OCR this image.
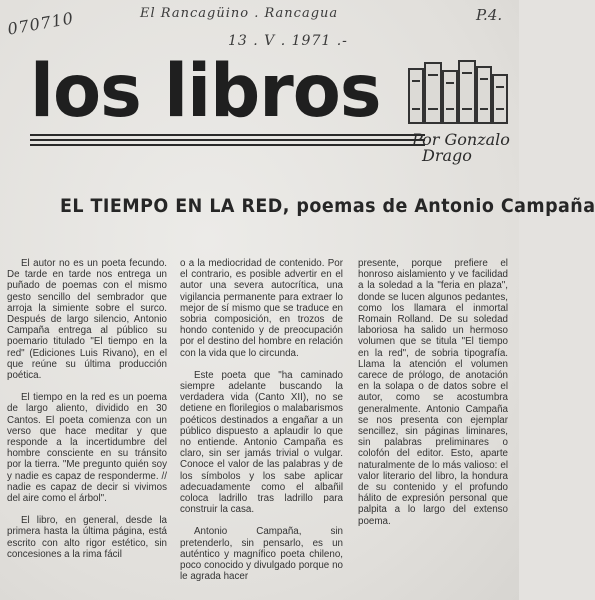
070710	El Rancagüino . Rancagua
13 . V . 1971 .-
P.4.
los libros
Por Gonzalo
Drago
EL TIEMPO EN LA RED, poemas de Antonio Campaña

El autor no es un poeta fecundo. De tarde en tarde nos entrega un puñado de poemas con el mismo gesto sencillo del sembrador que arroja la simiente sobre el surco. Después de largo silencio, Antonio Campaña entrega al público su poemario titulado "El tiempo en la red" (Ediciones Luis Rivano), en el que reúne su última producción poética.

El tiempo en la red es un poema de largo aliento, dividido en 30 Cantos. El poeta comienza con un verso que hace meditar y que responde a la incertidumbre del hombre consciente en su tránsito por la tierra. "Me pregunto quién soy y nadie es capaz de responderme. // nadie es capaz de decir si vivimos del aire como el árbol".

El libro, en general, desde la primera hasta la última página, está escrito con alto rigor estético, sin concesiones a la rima fácil

o a la mediocridad de contenido. Por el contrario, es posible advertir en el autor una severa autocrítica, una vigilancia permanente para extraer lo mejor de sí mismo que se traduce en sobria composición, en trozos de hondo contenido y de preocupación por el destino del hombre en relación con la vida que lo circunda.

Este poeta que "ha caminado siempre adelante buscando la verdadera vida (Canto XII), no se detiene en florilegios o malabarismos poéticos destinados a engañar a un público dispuesto a aplaudir lo que no entiende. Antonio Campaña es claro, sin ser jamás trivial o vulgar. Conoce el valor de las palabras y de los símbolos y los sabe aplicar adecuadamente como el albañil coloca ladrillo tras ladrillo para construir la casa.

Antonio Campaña, sin pretenderlo, sin pensarlo, es un auténtico y magnífico poeta chileno, poco conocido y divulgado porque no le agrada hacer

presente, porque prefiere el honroso aislamiento y ve facilidad a la soledad a la "feria en plaza", donde se lucen algunos pedantes, como los llamara el inmortal Romain Rolland. De su soledad laboriosa ha salido un hermoso volumen que se titula "El tiempo en la red", de sobria tipografía. Llama la atención el volumen carece de prólogo, de anotación en la solapa o de datos sobre el autor, como se acostumbra generalmente. Antonio Campaña se nos presenta con ejemplar sencillez, sin páginas liminares, sin palabras preliminares o colofón del editor. Esto, aparte naturalmente de lo más valioso: el valor literario del libro, la hondura de su contenido y el profundo hálito de expresión personal que palpita a lo largo del extenso poema.
